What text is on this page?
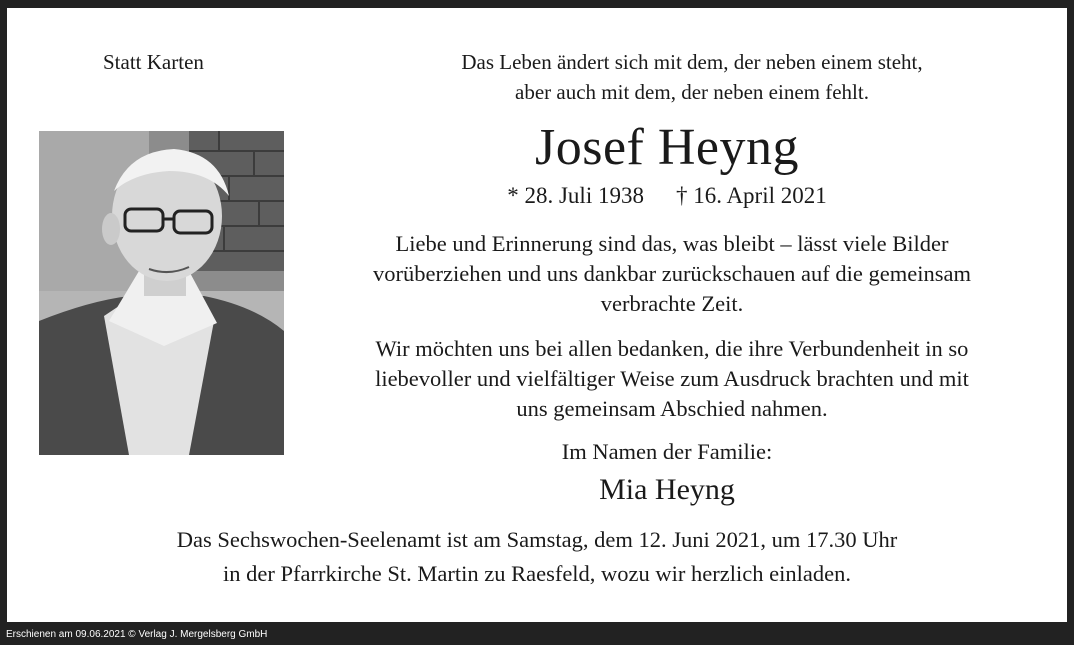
Statt Karten	Das Leben ändert sich mit dem, der neben einem steht,
aber auch mit dem, der neben einem fehlt.
Josef Heyng
* 28. Juli 1938 † 16. April 2021
Liebe und Erinnerung sind das, was bleibt – lässt viele Bilder
vorüberziehen und uns dankbar zurückschauen auf die gemeinsam
verbrachte Zeit.
Wir möchten uns bei allen bedanken, die ihre Verbundenheit in so
liebevoller und vielfältiger Weise zum Ausdruck brachten und mit
uns gemeinsam Abschied nahmen.
Im Namen der Familie:
Mia Heyng
Das Sechswochen-Seelenamt ist am Samstag, dem 12. Juni 2021, um 17.30 Uhr
in der Pfarrkirche St. Martin zu Raesfeld, wozu wir herzlich einladen.
Erschienen am 09.06.2021 © Verlag J. Mergelsberg GmbH
